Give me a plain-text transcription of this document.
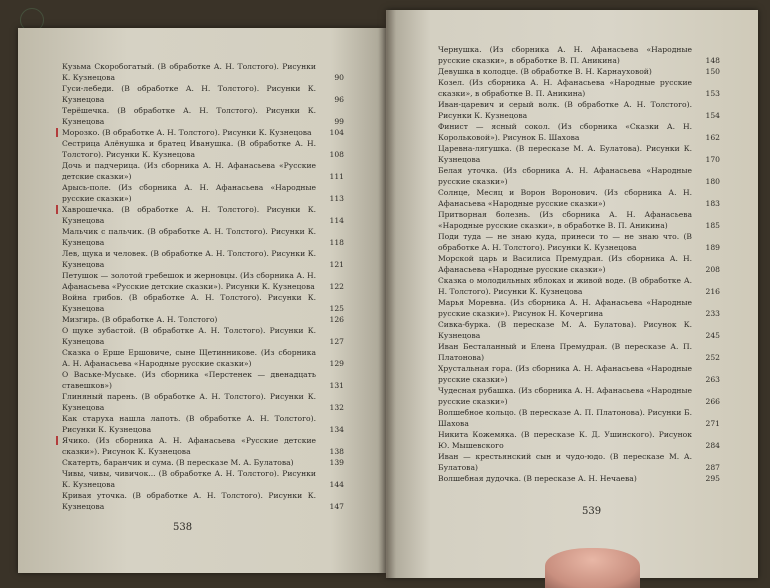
Кузьма Скоробогатый. (В обработке А. Н. Толстого). Рисунки К. Кузнецова	90
Гуси-лебеди. (В обработке А. Н. Толстого). Рисунки К. Кузнецова	96
Терёшечка. (В обработке А. Н. Толстого). Рисунки К. Кузнецова	99
Морозко. (В обработке А. Н. Толстого). Рисунки К. Кузнецова	104
Сестрица Алёнушка и братец Иванушка. (В обработке А. Н. Толстого). Рисунки К. Кузнецова	108
Дочь и падчерица. (Из сборника А. Н. Афанасьева «Русские детские сказки»)	111
Арысь-поле. (Из сборника А. Н. Афанасьева «Народные русские сказки»)	113
Хаврошечка. (В обработке А. Н. Толстого). Рисунки К. Кузнецова	114
Мальчик с пальчик. (В обработке А. Н. Толстого). Рисунки К. Кузнецова	118
Лев, щука и человек. (В обработке А. Н. Толстого). Рисунки К. Кузнецова	121
Петушок — золотой гребешок и жерновцы. (Из сборника А. Н. Афанасьева «Русские детские сказки»). Рисунки К. Кузнецова	122
Война грибов. (В обработке А. Н. Толстого). Рисунки К. Кузнецова	125
Мизгирь. (В обработке А. Н. Толстого)	126
О щуке зубастой. (В обработке А. Н. Толстого). Рисунки К. Кузнецова	127
Сказка о Ерше Ершовиче, сыне Щетинникове. (Из сборника А. Н. Афанасьева «Народные русские сказки»)	129
О Ваське-Муське. (Из сборника «Перстенек — двенадцать ставешков»)	131
Глиняный парень. (В обработке А. Н. Толстого). Рисунки К. Кузнецова	132
Как старуха нашла лапоть. (В обработке А. Н. Толстого). Рисунки К. Кузнецова	134
Ячико. (Из сборника А. Н. Афанасьева «Русские детские сказки»). Рисунок К. Кузнецова	138
Скатерть, баранчик и сума. (В пересказе М. А. Булатова)	139
Чивы, чивы, чивичок... (В обработке А. Н. Толстого). Рисунки К. Кузнецова	144
Кривая уточка. (В обработке А. Н. Толстого). Рисунки К. Кузнецова	147
538
Чернушка. (Из сборника А. Н. Афанасьева «Народные русские сказки», в обработке В. П. Аникина)	148
Девушка в колодце. (В обработке В. Н. Карнауховой)	150
Козел. (Из сборника А. Н. Афанасьева «Народные русские сказки», в обработке В. П. Аникина)	153
Иван-царевич и серый волк. (В обработке А. Н. Толстого). Рисунки К. Кузнецова	154
Финист — ясный сокол. (Из сборника «Сказки А. Н. Корольковой»). Рисунок Б. Шахова	162
Царевна-лягушка. (В пересказе М. А. Булатова). Рисунки К. Кузнецова	170
Белая уточка. (Из сборника А. Н. Афанасьева «Народные русские сказки»)	180
Солнце, Месяц и Ворон Воронович. (Из сборника А. Н. Афанасьева «Народные русские сказки»)	183
Притворная болезнь. (Из сборника А. Н. Афанасьева «Народные русские сказки», в обработке В. П. Аникина)	185
Поди туда — не знаю куда, принеси то — не знаю что. (В обработке А. Н. Толстого). Рисунки К. Кузнецова	189
Морской царь и Василиса Премудрая. (Из сборника А. Н. Афанасьева «Народные русские сказки»)	208
Сказка о молодильных яблоках и живой воде. (В обработке А. Н. Толстого). Рисунки К. Кузнецова	216
Марья Моревна. (Из сборника А. Н. Афанасьева «Народные русские сказки»). Рисунок Н. Кочергина	233
Сивка-бурка. (В пересказе М. А. Булатова). Рисунок К. Кузнецова	245
Иван Бесталанный и Елена Премудрая. (В пересказе А. П. Платонова)	252
Хрустальная гора. (Из сборника А. Н. Афанасьева «Народные русские сказки»)	263
Чудесная рубашка. (Из сборника А. Н. Афанасьева «Народные русские сказки»)	266
Волшебное кольцо. (В пересказе А. П. Платонова). Рисунки Б. Шахова	271
Никита Кожемяка. (В пересказе К. Д. Ушинского). Рисунок Ю. Мышевского	284
Иван — крестьянский сын и чудо-юдо. (В пересказе М. А. Булатова)	287
Волшебная дудочка. (В пересказе А. Н. Нечаева)	295
539
